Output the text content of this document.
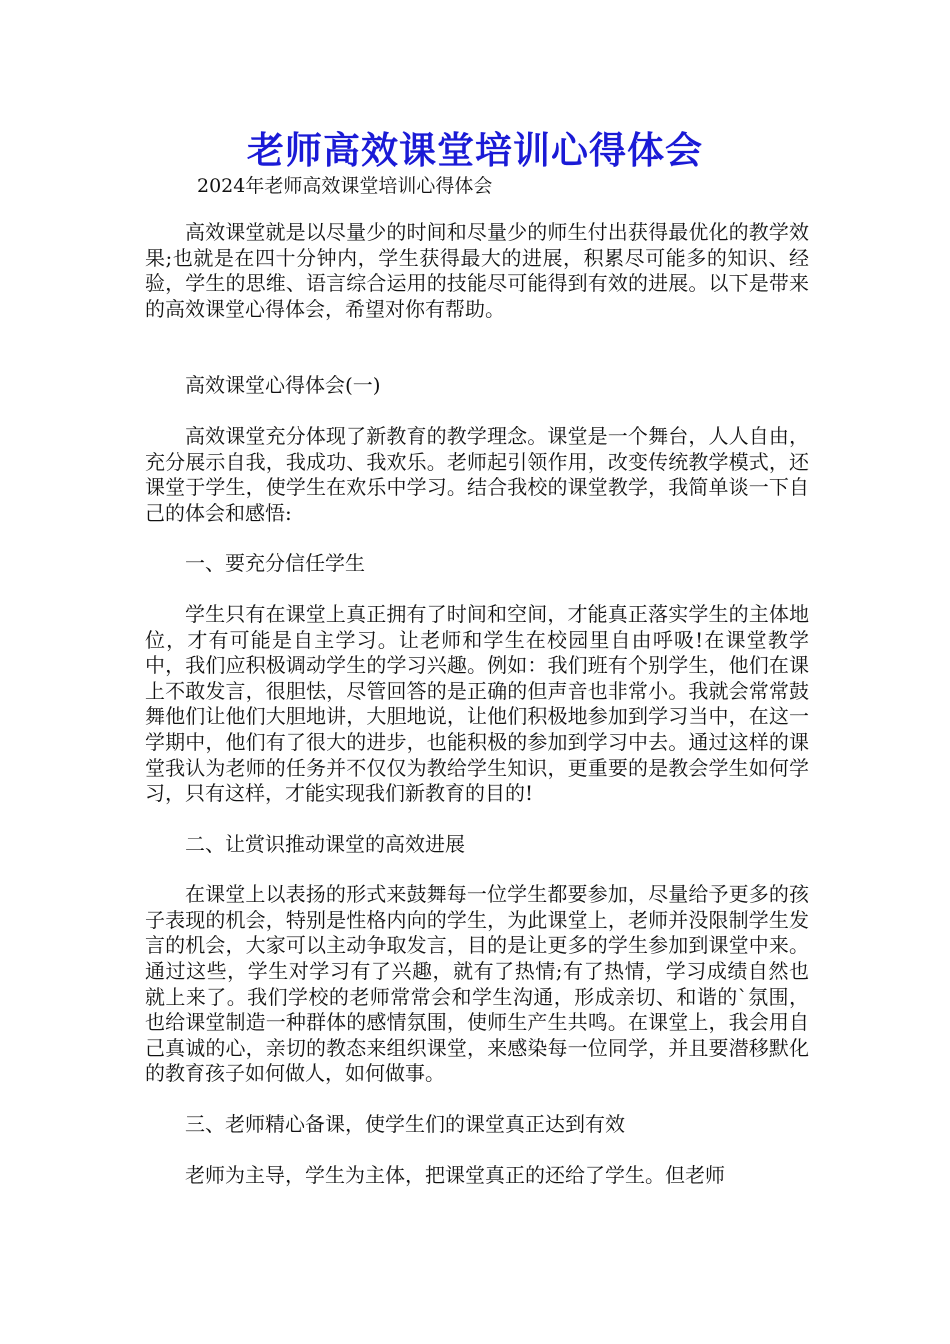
老师高效课堂培训心得体会
2024年老师高效课堂培训心得体会

高效课堂就是以尽量少的时间和尽量少的师生付出获得最优化的教学效果;也就是在四十分钟内，学生获得最大的进展，积累尽可能多的知识、经验，学生的思维、语言综合运用的技能尽可能得到有效的进展。以下是带来的高效课堂心得体会，希望对你有帮助。

高效课堂心得体会(一)

高效课堂充分体现了新教育的教学理念。课堂是一个舞台，人人自由，充分展示自我，我成功、我欢乐。老师起引领作用，改变传统教学模式，还课堂于学生，使学生在欢乐中学习。结合我校的课堂教学，我简单谈一下自己的体会和感悟:

一、要充分信任学生

学生只有在课堂上真正拥有了时间和空间，才能真正落实学生的主体地位，才有可能是自主学习。让老师和学生在校园里自由呼吸!在课堂教学中，我们应积极调动学生的学习兴趣。例如：我们班有个别学生，他们在课上不敢发言，很胆怯，尽管回答的是正确的但声音也非常小。我就会常常鼓舞他们让他们大胆地讲，大胆地说，让他们积极地参加到学习当中，在这一学期中，他们有了很大的进步，也能积极的参加到学习中去。通过这样的课堂我认为老师的任务并不仅仅为教给学生知识，更重要的是教会学生如何学习，只有这样，才能实现我们新教育的目的!

二、让赏识推动课堂的高效进展

在课堂上以表扬的形式来鼓舞每一位学生都要参加，尽量给予更多的孩子表现的机会，特别是性格内向的学生，为此课堂上，老师并没限制学生发言的机会，大家可以主动争取发言，目的是让更多的学生参加到课堂中来。通过这些，学生对学习有了兴趣，就有了热情;有了热情，学习成绩自然也就上来了。我们学校的老师常常会和学生沟通，形成亲切、和谐的`氛围，也给课堂制造一种群体的感情氛围，使师生产生共鸣。在课堂上，我会用自己真诚的心，亲切的教态来组织课堂，来感染每一位同学，并且要潜移默化的教育孩子如何做人，如何做事。

三、老师精心备课，使学生们的课堂真正达到有效

老师为主导，学生为主体，把课堂真正的还给了学生。但老师
